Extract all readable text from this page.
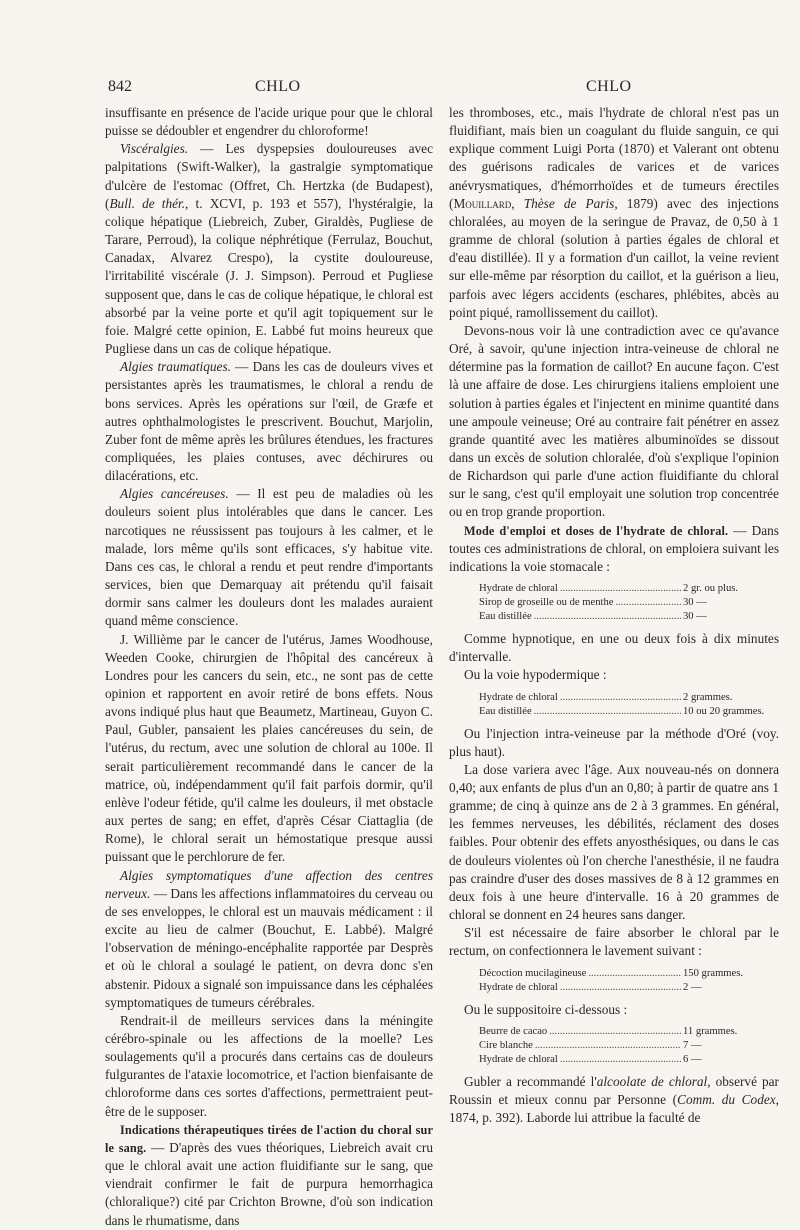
842	CHLO	CHLO

insuffisante en présence de l'acide urique pour que le chloral puisse se dédoubler et engendrer du chloroforme!

Viscéralgies. — Les dyspepsies douloureuses avec palpitations (Swift-Walker), la gastralgie symptomatique d'ulcère de l'estomac (Offret, Ch. Hertzka (de Budapest), (Bull. de thér., t. XCVI, p. 193 et 557), l'hystéralgie, la colique hépatique (Liebreich, Zuber, Giraldès, Pugliese de Tarare, Perroud), la colique néphrétique (Ferrulaz, Bouchut, Canadax, Alvarez Crespo), la cystite douloureuse, l'irritabilité viscérale (J. J. Simpson). Perroud et Pugliese supposent que, dans le cas de colique hépatique, le chloral est absorbé par la veine porte et qu'il agit topiquement sur le foie. Malgré cette opinion, E. Labbé fut moins heureux que Pugliese dans un cas de colique hépatique.

Algies traumatiques. — Dans les cas de douleurs vives et persistantes après les traumatismes, le chloral a rendu de bons services. Après les opérations sur l'œil, de Græfe et autres ophthalmologistes le prescrivent. Bouchut, Marjolin, Zuber font de même après les brûlures étendues, les fractures compliquées, les plaies contuses, avec déchirures ou dilacérations, etc.

Algies cancéreuses. — Il est peu de maladies où les douleurs soient plus intolérables que dans le cancer. Les narcotiques ne réussissent pas toujours à les calmer, et le malade, lors même qu'ils sont efficaces, s'y habitue vite. Dans ces cas, le chloral a rendu et peut rendre d'importants services, bien que Demarquay ait prétendu qu'il faisait dormir sans calmer les douleurs dont les malades auraient quand même conscience.

J. Willième par le cancer de l'utérus, James Woodhouse, Weeden Cooke, chirurgien de l'hôpital des cancéreux à Londres pour les cancers du sein, etc., ne sont pas de cette opinion et rapportent en avoir retiré de bons effets. Nous avons indiqué plus haut que Beaumetz, Martineau, Guyon C. Paul, Gubler, pansaient les plaies cancéreuses du sein, de l'utérus, du rectum, avec une solution de chloral au 100e. Il serait particulièrement recommandé dans le cancer de la matrice, où, indépendamment qu'il fait parfois dormir, qu'il enlève l'odeur fétide, qu'il calme les douleurs, il met obstacle aux pertes de sang; en effet, d'après César Ciattaglia (de Rome), le chloral serait un hémostatique presque aussi puissant que le perchlorure de fer.

Algies symptomatiques d'une affection des centres nerveux. — Dans les affections inflammatoires du cerveau ou de ses enveloppes, le chloral est un mauvais médicament : il excite au lieu de calmer (Bouchut, E. Labbé). Malgré l'observation de méningo-encéphalite rapportée par Desprès et où le chloral a soulagé le patient, on devra donc s'en abstenir. Pidoux a signalé son impuissance dans les céphalées symptomatiques de tumeurs cérébrales.

Rendrait-il de meilleurs services dans la méningite cérébro-spinale ou les affections de la moelle? Les soulagements qu'il a procurés dans certains cas de douleurs fulgurantes de l'ataxie locomotrice, et l'action bienfaisante de chloroforme dans ces sortes d'affections, permettraient peut-être de le supposer.

Indications thérapeutiques tirées de l'action du choral sur le sang. — D'après des vues théoriques, Liebreich avait cru que le chloral avait une action fluidifiante sur le sang, que viendrait confirmer le fait de purpura hemorrhagica (chloralique?) cité par Crichton Browne, d'où son indication dans le rhumatisme, dans

les thromboses, etc., mais l'hydrate de chloral n'est pas un fluidifiant, mais bien un coagulant du fluide sanguin, ce qui explique comment Luigi Porta (1870) et Valerant ont obtenu des guérisons radicales de varices et de varices anévrysmatiques, d'hémorrhoïdes et de tumeurs érectiles (Mouillard, Thèse de Paris, 1879) avec des injections chloralées, au moyen de la seringue de Pravaz, de 0,50 à 1 gramme de chloral (solution à parties égales de chloral et d'eau distillée). Il y a formation d'un caillot, la veine revient sur elle-même par résorption du caillot, et la guérison a lieu, parfois avec légers accidents (eschares, phlébites, abcès au point piqué, ramollissement du caillot).

Devons-nous voir là une contradiction avec ce qu'avance Oré, à savoir, qu'une injection intra-veineuse de chloral ne détermine pas la formation de caillot? En aucune façon. C'est là une affaire de dose. Les chirurgiens italiens emploient une solution à parties égales et l'injectent en minime quantité dans une ampoule veineuse; Oré au contraire fait pénétrer en assez grande quantité avec les matières albuminoïdes se dissout dans un excès de solution chloralée, d'où s'explique l'opinion de Richardson qui parle d'une action fluidifiante du chloral sur le sang, c'est qu'il employait une solution trop concentrée ou en trop grande proportion.

Mode d'emploi et doses de l'hydrate de chloral. — Dans toutes ces administrations de chloral, on emploiera suivant les indications la voie stomacale :

Hydrate de chloral .....	2 gr. ou plus.
Sirop de groseille ou de menthe .....	30 —
Eau distillée .....	30 —

Comme hypnotique, en une ou deux fois à dix minutes d'intervalle.

Ou la voie hypodermique :

Hydrate de chloral .....	2 grammes.
Eau distillée .....	10 ou 20 grammes.

Ou l'injection intra-veineuse par la méthode d'Oré (voy. plus haut).

La dose variera avec l'âge. Aux nouveau-nés on donnera 0,40; aux enfants de plus d'un an 0,80; à partir de quatre ans 1 gramme; de cinq à quinze ans de 2 à 3 grammes. En général, les femmes nerveuses, les débilités, réclament des doses faibles. Pour obtenir des effets anyosthésiques, ou dans le cas de douleurs violentes où l'on cherche l'anesthésie, il ne faudra pas craindre d'user des doses massives de 8 à 12 grammes en deux fois à une heure d'intervalle. 16 à 20 grammes de chloral se donnent en 24 heures sans danger.

S'il est nécessaire de faire absorber le chloral par le rectum, on confectionnera le lavement suivant :

Décoction mucilagineuse .....	150 grammes.
Hydrate de chloral .....	2 —

Ou le suppositoire ci-dessous :

Beurre de cacao .....	11 grammes.
Cire blanche .....	7 —
Hydrate de chloral .....	6 —

Gubler a recommandé l'alcoolate de chloral, observé par Roussin et mieux connu par Personne (Comm. du Codex, 1874, p. 392). Laborde lui attribue la faculté de
